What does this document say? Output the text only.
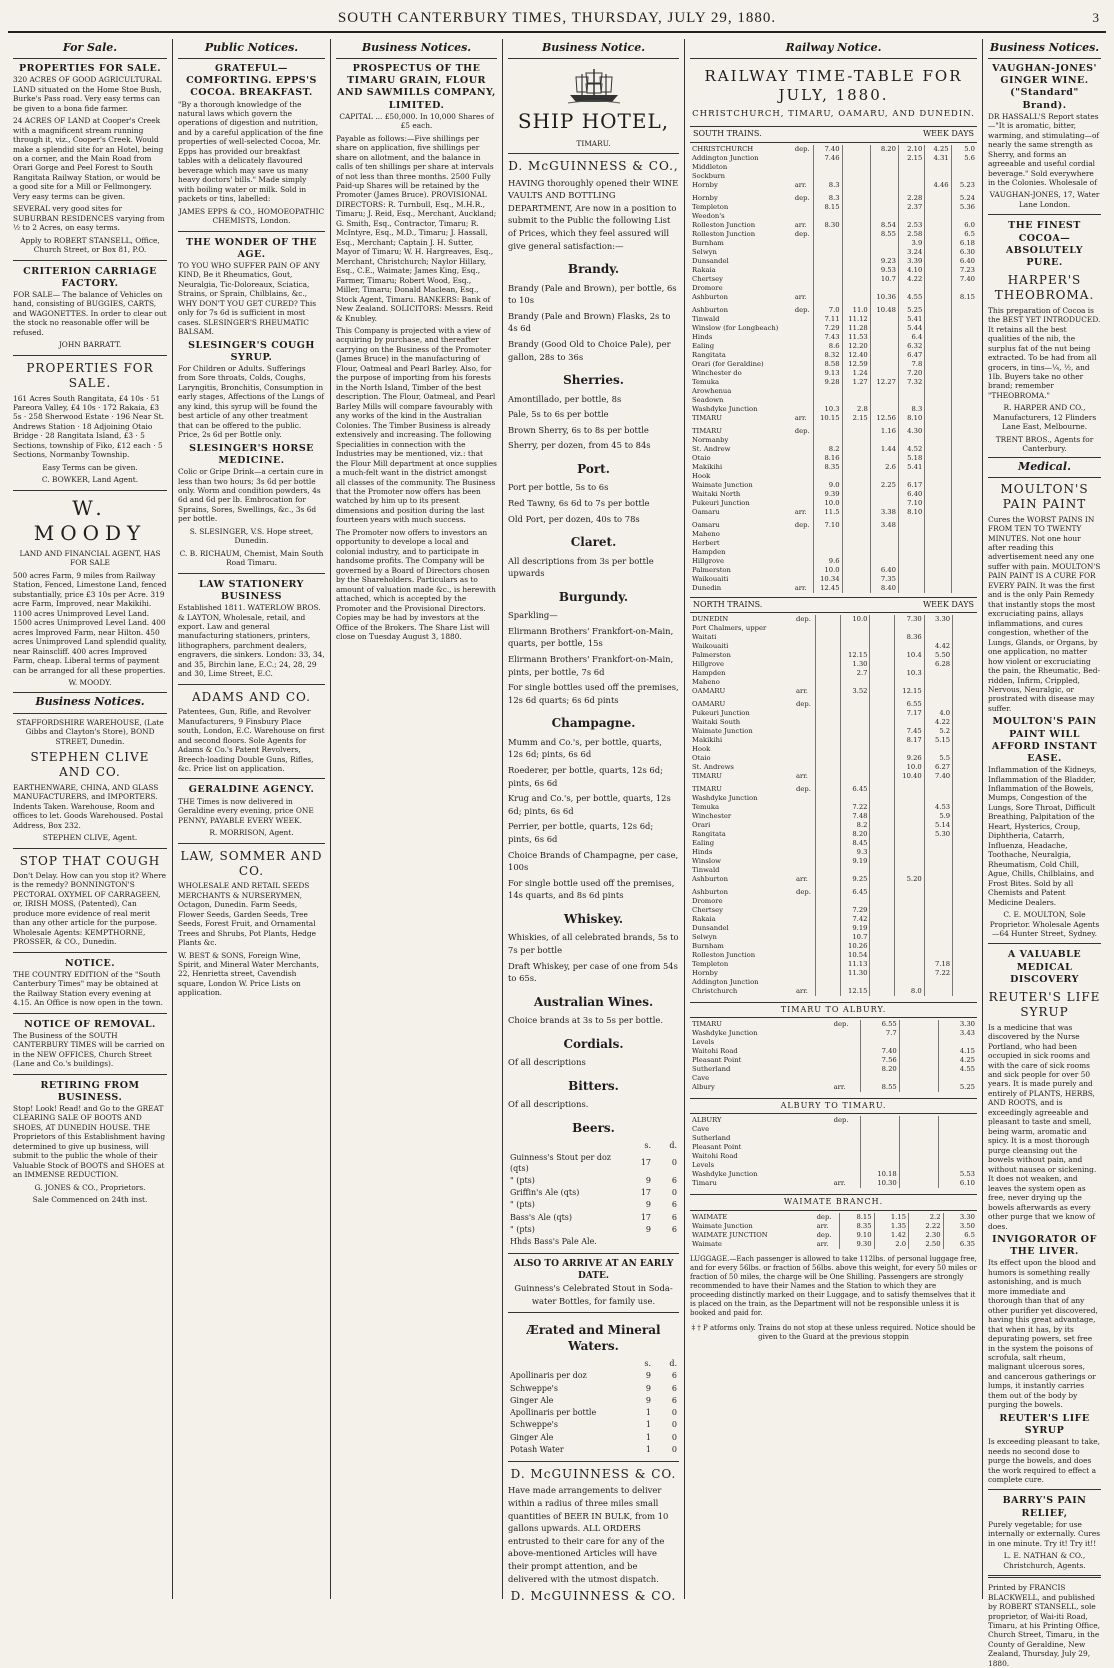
SOUTH CANTERBURY TIMES, THURSDAY, JULY 29, 1880.	3
For Sale.
PROPERTIES FOR SALE.

320 ACRES OF GOOD AGRICULTURAL LAND situated on the Home Stoe Bush, Burke's Pass road. Very easy terms can be given to a bona fide farmer.

24 ACRES OF LAND at Cooper's Creek with a magnificent stream running through it, viz., Cooper's Creek. Would make a splendid site for an Hotel, being on a corner, and the Main Road from Orari Gorge and Peel Forest to South Rangitata Railway Station, or would be a good site for a Mill or Fellmongery. Very easy terms can be given.

SEVERAL very good sites for SUBURBAN RESIDENCES varying from ½ to 2 Acres, on easy terms.

Apply to ROBERT STANSELL, Office, Church Street, or Box 81, P.O.

CRITERION CARRIAGE FACTORY.

FOR SALE— The balance of Vehicles on hand, consisting of BUGGIES, CARTS, and WAGONETTES. In order to clear out the stock no reasonable offer will be refused.

JOHN BARRATT.

PROPERTIES FOR SALE.

161 Acres South Rangitata, £4 10s · 51 Pareora Valley, £4 10s · 172 Rakaia, £3 5s · 258 Sherwood Estate · 196 Near St. Andrews Station · 18 Adjoining Otaio Bridge · 28 Rangitata Island, £3 · 5 Sections, township of Fiko, £12 each · 5 Sections, Normanby Township.

Easy Terms can be given.

C. BOWKER, Land Agent.

W. MOODY

LAND AND FINANCIAL AGENT, HAS FOR SALE

500 acres Farm, 9 miles from Railway Station, Fenced, Limestone Land, fenced substantially, price £3 10s per Acre. 319 acre Farm, Improved, near Makikihi. 1100 acres Unimproved Level Land. 1500 acres Unimproved Level Land. 400 acres Improved Farm, near Hilton. 450 acres Unimproved Land splendid quality, near Rainscliff. 400 acres Improved Farm, cheap. Liberal terms of payment can be arranged for all these properties.

W. MOODY.

Business Notices.

STAFFORDSHIRE WAREHOUSE, (Late Gibbs and Clayton's Store), BOND STREET, Dunedin.

STEPHEN CLIVE AND CO.

EARTHENWARE, CHINA, AND GLASS MANUFACTURERS, and IMPORTERS. Indents Taken. Warehouse, Room and offices to let. Goods Warehoused. Postal Address, Box 232.

STEPHEN CLIVE, Agent.

STOP THAT COUGH

Don't Delay. How can you stop it? Where is the remedy? BONNINGTON'S PECTORAL OXYMEL OF CARRAGEEN, or, IRISH MOSS, (Patented), Can produce more evidence of real merit than any other article for the purpose. Wholesale Agents: KEMPTHORNE, PROSSER, & CO., Dunedin.

NOTICE.

THE COUNTRY EDITION of the "South Canterbury Times" may be obtained at the Railway Station every evening at 4.15. An Office is now open in the town.

NOTICE OF REMOVAL.

The Business of the SOUTH CANTERBURY TIMES will be carried on in the NEW OFFICES, Church Street (Lane and Co.'s buildings).

RETIRING FROM BUSINESS.

Stop! Look! Read! and Go to the GREAT CLEARING SALE OF BOOTS AND SHOES, AT DUNEDIN HOUSE. THE Proprietors of this Establishment having determined to give up business, will submit to the public the whole of their Valuable Stock of BOOTS and SHOES at an IMMENSE REDUCTION.

G. JONES & CO., Proprietors.

Sale Commenced on 24th inst.

Public Notices.
GRATEFUL—COMFORTING. EPPS'S COCOA. BREAKFAST.

"By a thorough knowledge of the natural laws which govern the operations of digestion and nutrition, and by a careful application of the fine properties of well-selected Cocoa, Mr. Epps has provided our breakfast tables with a delicately flavoured beverage which may save us many heavy doctors' bills." Made simply with boiling water or milk. Sold in packets or tins, labelled:

JAMES EPPS & CO., HOMOEOPATHIC CHEMISTS, London.

THE WONDER OF THE AGE.

TO YOU WHO SUFFER PAIN OF ANY KIND, Be it Rheumatics, Gout, Neuralgia, Tic-Doloreaux, Sciatica, Strains, or Sprain, Chilblains, &c., WHY DON'T YOU GET CURED? This only for 7s 6d is sufficient in most cases. SLESINGER'S RHEUMATIC BALSAM.

SLESINGER'S COUGH SYRUP.

For Children or Adults. Sufferings from Sore throats, Colds, Coughs, Laryngitis, Bronchitis, Consumption in early stages, Affections of the Lungs of any kind, this syrup will be found the best article of any other treatment that can be offered to the public. Price, 2s 6d per Bottle only.

SLESINGER'S HORSE MEDICINE.

Colic or Gripe Drink—a certain cure in less than two hours; 3s 6d per bottle only. Worm and condition powders, 4s 6d and 6d per lb. Embrocation for Sprains, Sores, Swellings, &c., 3s 6d per bottle.

S. SLESINGER, V.S. Hope street, Dunedin.

C. B. RICHAUM, Chemist, Main South Road Timaru.

LAW STATIONERY BUSINESS

Established 1811. WATERLOW BROS. & LAYTON, Wholesale, retail, and export. Law and general manufacturing stationers, printers, lithographers, parchment dealers, engravers, die sinkers. London: 33, 34, and 35, Birchin lane, E.C.; 24, 28, 29 and 30, Lime Street, E.C.

ADAMS AND CO.

Patentees, Gun, Rifle, and Revolver Manufacturers, 9 Finsbury Place south, London, E.C. Warehouse on first and second floors. Sole Agents for Adams & Co.'s Patent Revolvers, Breech-loading Double Guns, Rifles, &c. Price list on application.

GERALDINE AGENCY.

THE Times is now delivered in Geraldine every evening, price ONE PENNY, PAYABLE EVERY WEEK.

R. MORRISON, Agent.

LAW, SOMMER AND CO.

WHOLESALE AND RETAIL SEEDS MERCHANTS & NURSERYMEN, Octagon, Dunedin. Farm Seeds, Flower Seeds, Garden Seeds, Tree Seeds, Forest Fruit, and Ornamental Trees and Shrubs, Pot Plants, Hedge Plants &c.

W. BEST & SONS, Foreign Wine, Spirit, and Mineral Water Merchants, 22, Henrietta street, Cavendish square, London W. Price Lists on application.

Business Notices.
PROSPECTUS OF THE TIMARU GRAIN, FLOUR AND SAWMILLS COMPANY, LIMITED.

CAPITAL ... £50,000. In 10,000 Shares of £5 each.

Payable as follows:—Five shillings per share on application, five shillings per share on allotment, and the balance in calls of ten shillings per share at intervals of not less than three months. 2500 Fully Paid-up Shares will be retained by the Promoter (James Bruce). PROVISIONAL DIRECTORS: R. Turnbull, Esq., M.H.R., Timaru; J. Reid, Esq., Merchant, Auckland; G. Smith, Esq., Contractor, Timaru; R. McIntyre, Esq., M.D., Timaru; J. Hassall, Esq., Merchant; Captain J. H. Sutter, Mayor of Timaru; W. H. Hargreaves, Esq., Merchant, Christchurch; Naylor Hillary, Esq., C.E., Waimate; James King, Esq., Farmer, Timaru; Robert Wood, Esq., Miller, Timaru; Donald Maclean, Esq., Stock Agent, Timaru. BANKERS: Bank of New Zealand. SOLICITORS: Messrs. Reid & Knubley.

This Company is projected with a view of acquiring by purchase, and thereafter carrying on the Business of the Promoter (James Bruce) in the manufacturing of Flour, Oatmeal and Pearl Barley. Also, for the purpose of importing from his forests in the North Island, Timber of the best description. The Flour, Oatmeal, and Pearl Barley Mills will compare favourably with any works of the kind in the Australian Colonies. The Timber Business is already extensively and increasing. The following Specialities in connection with the Industries may be mentioned, viz.: that the Flour Mill department at once supplies a much-felt want in the district amongst all classes of the community. The Business that the Promoter now offers has been watched by him up to its present dimensions and position during the last fourteen years with much success.

The Promoter now offers to investors an opportunity to develope a local and colonial industry, and to participate in handsome profits. The Company will be governed by a Board of Directors chosen by the Shareholders. Particulars as to amount of valuation made &c., is herewith attached, which is accepted by the Promoter and the Provisional Directors. Copies may be had by investors at the Office of the Brokers. The Share List will close on Tuesday August 3, 1880.

Business Notice.
SHIP HOTEL,

TIMARU.

D. McGUINNESS & CO.,

HAVING thoroughly opened their WINE VAULTS AND BOTTLING DEPARTMENT, Are now in a position to submit to the Public the following List of Prices, which they feel assured will give general satisfaction:—

Brandy.

Brandy (Pale and Brown), per bottle, 6s to 10s

Brandy (Pale and Brown) Flasks, 2s to 4s 6d

Brandy (Good Old to Choice Pale), per gallon, 28s to 36s

Sherries.

Amontillado, per bottle, 8s

Pale, 5s to 6s per bottle

Brown Sherry, 6s to 8s per bottle

Sherry, per dozen, from 45 to 84s

Port.

Port per bottle, 5s to 6s

Red Tawny, 6s 6d to 7s per bottle

Old Port, per dozen, 40s to 78s

Claret.

All descriptions from 3s per bottle upwards

Burgundy.

Sparkling—

Elirmann Brothers' Frankfort-on-Main, quarts, per bottle, 15s

Elirmann Brothers' Frankfort-on-Main, pints, per bottle, 7s 6d

For single bottles used off the premises, 12s 6d quarts; 6s 6d pints

Champagne.

Mumm and Co.'s, per bottle, quarts, 12s 6d; pints, 6s 6d

Roederer, per bottle, quarts, 12s 6d; pints, 6s 6d

Krug and Co.'s, per bottle, quarts, 12s 6d; pints, 6s 6d

Perrier, per bottle, quarts, 12s 6d; pints, 6s 6d

Choice Brands of Champagne, per case, 100s

For single bottle used off the premises, 14s quarts, and 8s 6d pints

Whiskey.

Whiskies, of all celebrated brands, 5s to 7s per bottle

Draft Whiskey, per case of one from 54s to 65s.

Australian Wines.

Choice brands at 3s to 5s per bottle.

Cordials.

Of all descriptions

Bitters.

Of all descriptions.

Beers.
	s.	d.
Guinness's Stout per doz (qts)	17	0
" (pts)	9	6
Griffin's Ale (qts)	17	0
" (pts)	9	6
Bass's Ale (qts)	17	6
" (pts)	9	6
Hhds Bass's Pale Ale.		
ALSO TO ARRIVE AT AN EARLY DATE.

Guinness's Celebrated Stout in Soda-water Bottles, for family use.

Ærated and Mineral Waters.
	s.	d.
Apollinaris per doz	9	6
Schweppe's	9	6
Ginger Ale	9	6
Apollinaris per bottle	1	0
Schweppe's	1	0
Ginger Ale	1	0
Potash Water	1	0
D. McGUINNESS & CO.

Have made arrangements to deliver within a radius of three miles small quantities of BEER IN BULK, from 10 gallons upwards. ALL ORDERS entrusted to their care for any of the above-mentioned Articles will have their prompt attention, and be delivered with the utmost dispatch.

D. McGUINNESS & CO.
Railway Notice.
RAILWAY TIME-TABLE FOR JULY, 1880.
CHRISTCHURCH, TIMARU, OAMARU, AND DUNEDIN.
SOUTH TRAINS.	WEEK DAYS
CHRISTCHURCH	dep.	7.40		8.20	2.10	4.25	5.0
Addington Junction		7.46			2.15	4.31	5.6
Middleton							
Sockburn							
Hornby	arr.	8.3				4.46	5.23

Hornby	dep.	8.3			2.28		5.24
Templeton		8.15			2.37		5.36
Weedon's							
Rolleston Junction	arr.	8.30		8.54	2.53		6.0
Rolleston Junction	dep.			8.55	2.58		6.5
Burnham					3.9		6.18
Selwyn					3.24		6.30
Dunsandel				9.23	3.39		6.40
Rakaia				9.53	4.10		7.23
Chertsey				10.7	4.22		7.40
Dromore							
Ashburton	arr.			10.36	4.55		8.15

Ashburton	dep.	7.0	11.0	10.48	5.25		
Tinwald		7.11	11.12		5.41		
Winslow (for Longbeach)		7.29	11.28		5.44		
Hinds		7.43	11.53		6.4		
Ealing		8.6	12.20		6.32		
Rangitata		8.32	12.40		6.47		
Orari (for Geraldine)		8.58	12.59		7.8		
Winchester do		9.13	1.24		7.20		
Temuka		9.28	1.27	12.27	7.32		
Arowhenua							
Seadown							
Washdyke Junction		10.3	2.8		8.3		
TIMARU	arr.	10.15	2.15	12.56	8.10		

TIMARU	dep.			1.16	4.30		
Normanby							
St. Andrew		8.2		1.44	4.52		
Otaio		8.16			5.18		
Makikihi		8.35		2.6	5.41		
Hook							
Waimate Junction		9.0		2.25	6.17		
Waitaki North		9.39			6.40		
Pukeuri Junction		10.0			7.10		
Oamaru	arr.	11.5		3.38	8.10		

Oamaru	dep.	7.10		3.48			
Maheno							
Herbert							
Hampden							
Hillgrove		9.6					
Palmerston		10.0		6.40			
Waikouaiti		10.34		7.35			
Dunedin	arr.	12.45		8.40			
NORTH TRAINS.	WEEK DAYS
DUNEDIN	dep.		10.0		7.30	3.30	
Port Chalmers, upper							
Waitati					8.36		
Waikouaiti						4.42	
Palmerston			12.15		10.4	5.50	
Hillgrove			1.30			6.28	
Hampden			2.7		10.3		
Maheno							
OAMARU	arr.		3.52		12.15		

OAMARU	dep.				6.55		
Pukeuri Junction					7.17	4.0	
Waitaki South						4.22	
Waimate Junction					7.45	5.2	
Makikihi					8.17	5.15	
Hook							
Otaio					9.26	5.5	
St. Andrews					10.0	6.27	
TIMARU	arr.				10.40	7.40	

TIMARU	dep.		6.45				
Washdyke Junction							
Temuka			7.22			4.53	
Winchester			7.48			5.9	
Orari			8.2			5.14	
Rangitata			8.20			5.30	
Ealing			8.45				
Hinds			9.3				
Winslow			9.19				
Tinwald							
Ashburton	arr.		9.25		5.20		

Ashburton	dep.		6.45				
Dromore							
Chertsey			7.29				
Rakaia			7.42				
Dunsandel			9.19				
Selwyn			10.7				
Burnham			10.26				
Rolleston Junction			10.54				
Templeton			11.13			7.18	
Hornby			11.30			7.22	
Addington Junction							
Christchurch	arr.		12.15		8.0		
TIMARU TO ALBURY.
TIMARU	dep.	6.55		3.30
Washdyke Junction		7.7		3.43
Levels				
Waitohi Road		7.40		4.15
Pleasant Point		7.56		4.25
Sutherland		8.20		4.55
Cave				
Albury	arr.	8.55		5.25
ALBURY TO TIMARU.
ALBURY	dep.			
Cave				
Sutherland				
Pleasant Point				
Waitohi Road				
Levels				
Washdyke Junction		10.18		5.53
Timaru	arr.	10.30		6.10
WAIMATE BRANCH.
WAIMATE	dep.	8.15	1.15	2.2	3.30
Waimate Junction	arr.	8.35	1.35	2.22	3.50
WAIMATE JUNCTION	dep.	9.10	1.42	2.30	6.5
Waimate	arr.	9.30	2.0	2.50	6.35

LUGGAGE.—Each passenger is allowed to take 112lbs. of personal luggage free, and for every 56lbs. or fraction of 56lbs. above this weight, for every 50 miles or fraction of 50 miles, the charge will be One Shilling. Passengers are strongly recommended to have their Names and the Station to which they are proceeding distinctly marked on their Luggage, and to satisfy themselves that it is placed on the train, as the Department will not be responsible unless it is booked and paid for.

‡ † P atforms only. Trains do not stop at these unless required. Notice should be given to the Guard at the previous stoppin

Business Notices.
VAUGHAN-JONES' GINGER WINE. ("Standard" Brand).

DR HASSALL'S Report states—"It is aromatic, bitter, warming, and stimulating—of nearly the same strength as Sherry, and forms an agreeable and useful cordial beverage." Sold everywhere in the Colonies. Wholesale of

VAUGHAN-JONES, 17, Water Lane London.

THE FINEST COCOA—ABSOLUTELY PURE.
HARPER'S THEOBROMA.

This preparation of Cocoa is the BEST YET INTRODUCED. It retains all the best qualities of the nib, the surplus fat of the nut being extracted. To be had from all grocers, in tins—¼, ½, and 1lb. Buyers take no other brand; remember "THEOBROMA."

R. HARPER AND CO., Manufacturers, 12 Flinders Lane East, Melbourne.

TRENT BROS., Agents for Canterbury.

Medical.
MOULTON'S PAIN PAINT

Cures the WORST PAINS IN FROM TEN TO TWENTY MINUTES. Not one hour after reading this advertisement need any one suffer with pain. MOULTON'S PAIN PAINT IS A CURE FOR EVERY PAIN. It was the first and is the only Pain Remedy that instantly stops the most excruciating pains, allays inflammations, and cures congestion, whether of the Lungs, Glands, or Organs, by one application, no matter how violent or excruciating the pain, the Rheumatic, Bed-ridden, Infirm, Crippled, Nervous, Neuralgic, or prostrated with disease may suffer.

MOULTON'S PAIN PAINT WILL AFFORD INSTANT EASE.

Inflammation of the Kidneys, Inflammation of the Bladder, Inflammation of the Bowels, Mumps, Congestion of the Lungs, Sore Throat, Difficult Breathing, Palpitation of the Heart, Hysterics, Croup, Diphtheria, Catarrh, Influenza, Headache, Toothache, Neuralgia, Rheumatism, Cold Chill, Ague, Chills, Chilblains, and Frost Bites. Sold by all Chemists and Patent Medicine Dealers.

C. E. MOULTON, Sole Proprietor. Wholesale Agents—64 Hunter Street, Sydney.

A VALUABLE MEDICAL DISCOVERY
REUTER'S LIFE SYRUP

Is a medicine that was discovered by the Nurse Portland, who had been occupied in sick rooms and with the care of sick rooms and sick people for over 50 years. It is made purely and entirely of PLANTS, HERBS, AND ROOTS, and is exceedingly agreeable and pleasant to taste and smell, being warm, aromatic and spicy. It is a most thorough purge cleansing out the bowels without pain, and without nausea or sickening. It does not weaken, and leaves the system open as free, never drying up the bowels afterwards as every other purge that we know of does.

INVIGORATOR OF THE LIVER.

Its effect upon the blood and humors is something really astonishing, and is much more immediate and thorough than that of any other purifier yet discovered, having this great advantage, that when it has, by its depurating powers, set free in the system the poisons of scrofula, salt rheum, malignant ulcerous sores, and cancerous gatherings or lumps, it instantly carries them out of the body by purging the bowels.

REUTER'S LIFE SYRUP

Is exceeding pleasant to take, needs no second dose to purge the bowels, and does the work required to effect a complete cure.

BARRY'S PAIN RELIEF,

Purely vegetable; for use internally or externally. Cures in one minute. Try it! Try it!!

L. E. NATHAN & CO., Christchurch, Agents.

Printed by FRANCIS BLACKWELL, and published by ROBERT STANSELL, sole proprietor, of Wai-iti Road, Timaru, at his Printing Office, Church Street, Timaru, in the County of Geraldine, New Zealand, Thursday, July 29, 1880.
